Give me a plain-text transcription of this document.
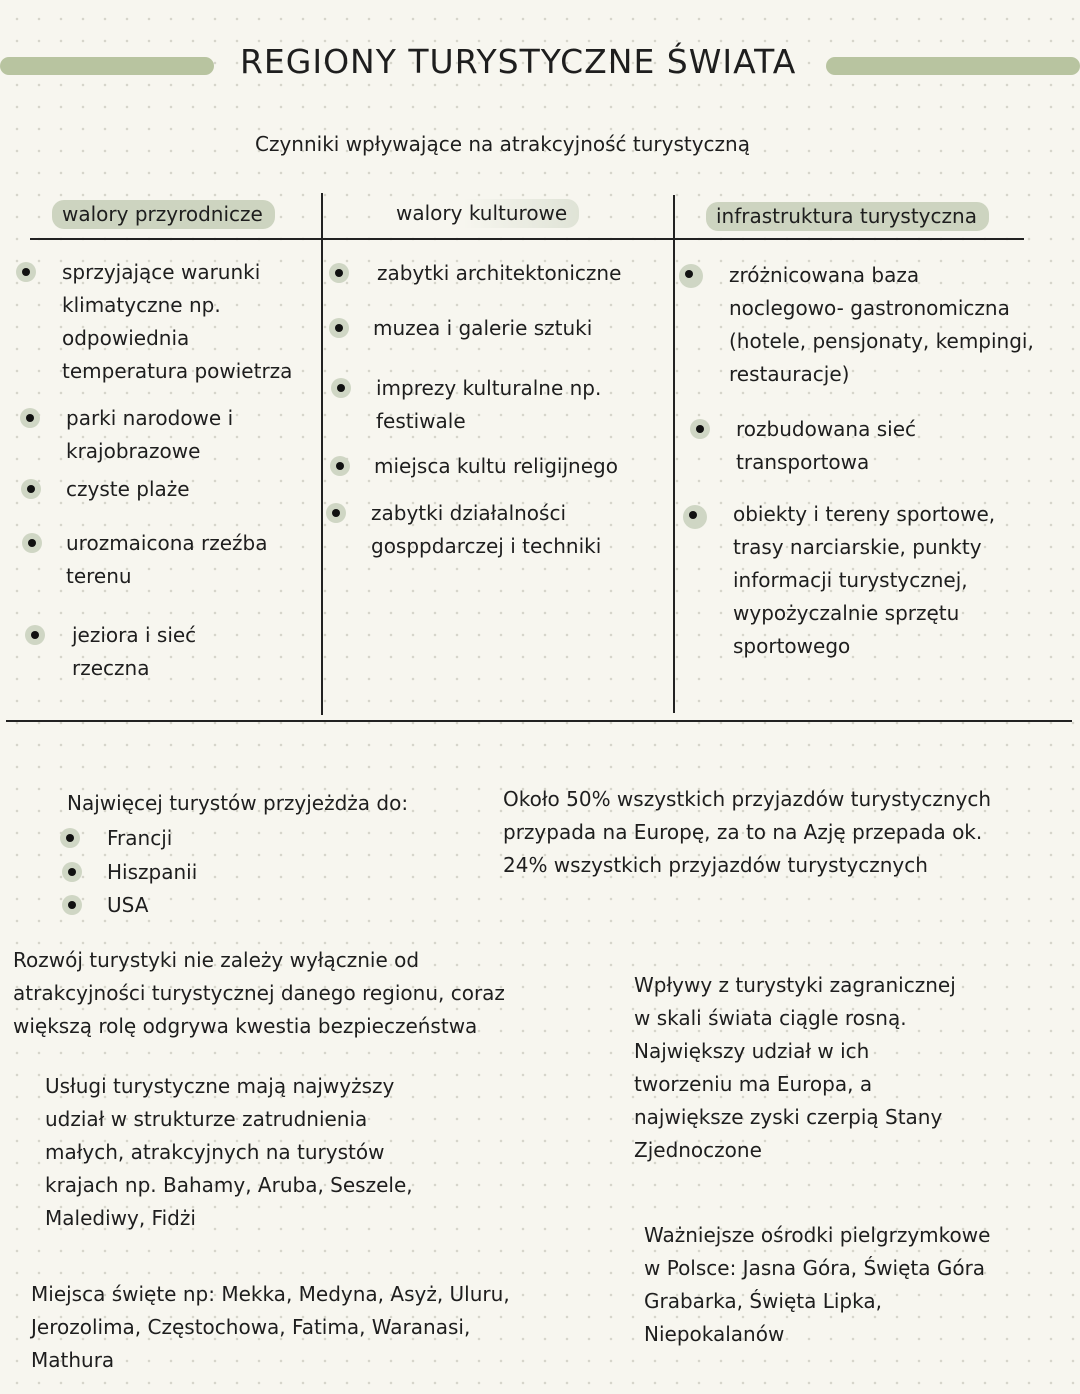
REGIONY TURYSTYCZNE ŚWIATA
Czynniki wpływające na atrakcyjność turystyczną
walory przyrodnicze	walory kulturowe	infrastruktura turystyczna
sprzyjające warunki
klimatyczne np.
odpowiednia
temperatura powietrza
parki narodowe i
krajobrazowe
czyste plaże
urozmaicona rzeźba
terenu
jeziora i sieć
rzeczna
zabytki architektoniczne
muzea i galerie sztuki
imprezy kulturalne np.
festiwale
miejsca kultu religijnego
zabytki działalności
gosppdarczej i techniki
zróżnicowana baza
noclegowo- gastronomiczna
(hotele, pensjonaty, kempingi,
restauracje)
rozbudowana sieć
transportowa
obiekty i tereny sportowe,
trasy narciarskie, punkty
informacji turystycznej,
wypożyczalnie sprzętu
sportowego
Najwięcej turystów przyjeżdża do:
Francji
Hiszpanii
USA
Około 50% wszystkich przyjazdów turystycznych
przypada na Europę, za to na Azję przepada ok.
24% wszystkich przyjazdów turystycznych
Rozwój turystyki nie zależy wyłącznie od
atrakcyjności turystycznej danego regionu, coraz
większą rolę odgrywa kwestia bezpieczeństwa
Wpływy z turystyki zagranicznej
w skali świata ciągle rosną.
Największy udział w ich
tworzeniu ma Europa, a
największe zyski czerpią Stany
Zjednoczone
Usługi turystyczne mają najwyższy
udział w strukturze zatrudnienia
małych, atrakcyjnych na turystów
krajach np. Bahamy, Aruba, Seszele,
Malediwy, Fidżi
Ważniejsze ośrodki pielgrzymkowe
w Polsce: Jasna Góra, Święta Góra
Grabarka, Święta Lipka,
Niepokalanów
Miejsca święte np: Mekka, Medyna, Asyż, Uluru,
Jerozolima, Częstochowa, Fatima, Waranasi,
Mathura
